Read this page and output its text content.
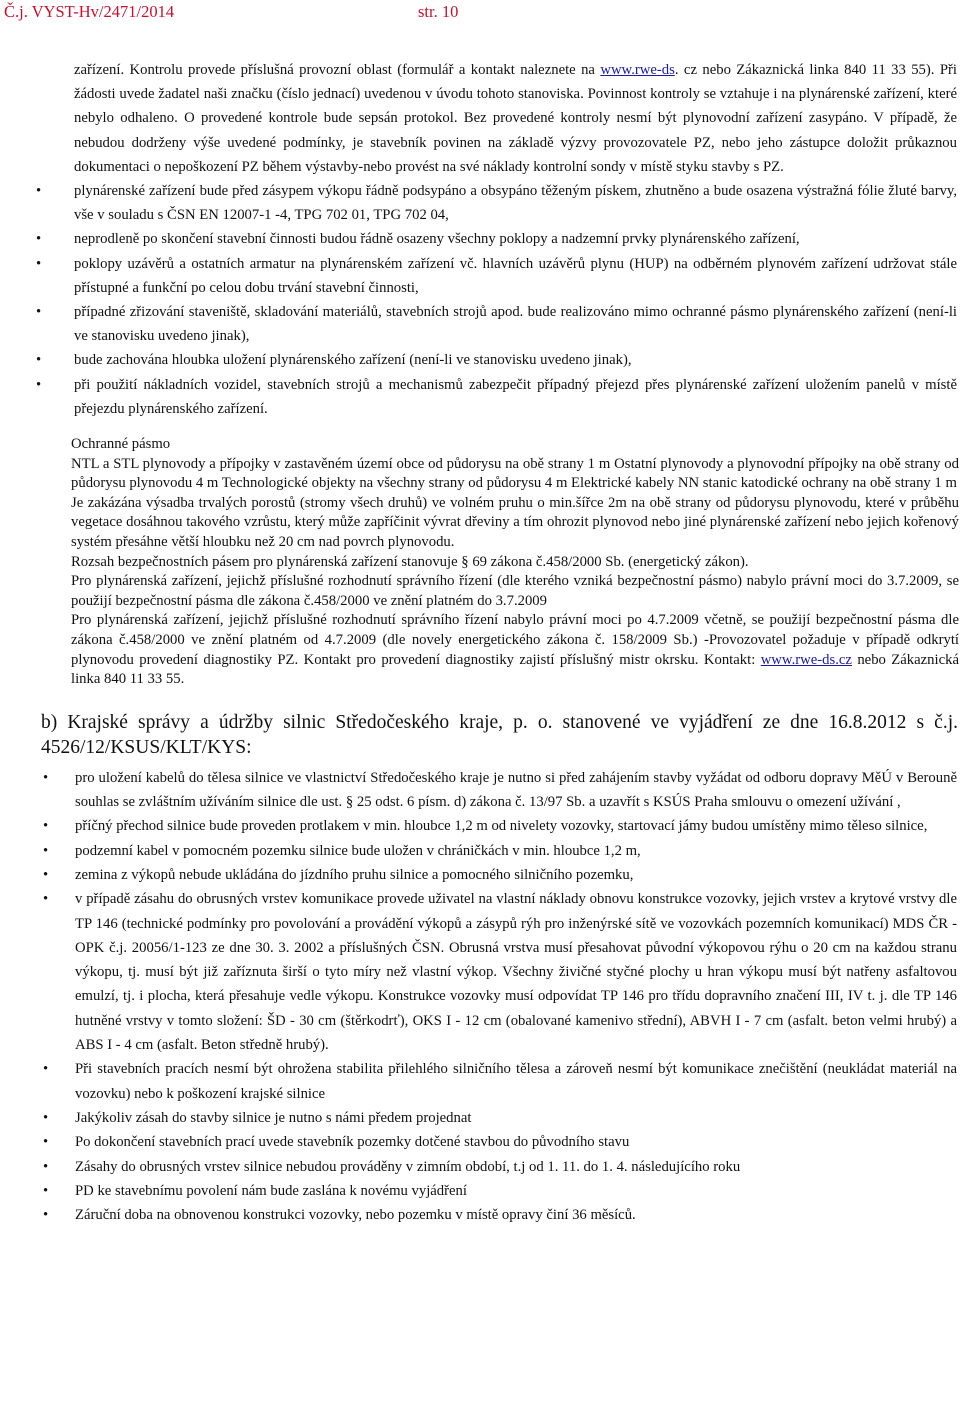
Č.j. VYST-Hv/2471/2014	str. 10

zařízení. Kontrolu provede příslušná provozní oblast (formulář a kontakt naleznete na www.rwe-ds. cz nebo Zákaznická linka 840 11 33 55). Při žádosti uvede žadatel naši značku (číslo jednací) uvedenou v úvodu tohoto stanoviska. Povinnost kontroly se vztahuje i na plynárenské zařízení, které nebylo odhaleno. O provedené kontrole bude sepsán protokol. Bez provedené kontroly nesmí být plynovodní zařízení zasypáno. V případě, že nebudou dodrženy výše uvedené podmínky, je stavebník povinen na základě výzvy provozovatele PZ, nebo jeho zástupce doložit průkaznou dokumentaci o nepoškození PZ během výstavby-nebo provést na své náklady kontrolní sondy v místě styku stavby s PZ.

• plynárenské zařízení bude před zásypem výkopu řádně podsypáno a obsypáno těženým pískem, zhutněno a bude osazena výstražná fólie žluté barvy, vše v souladu s ČSN EN 12007-1 -4, TPG 702 01, TPG 702 04,
• neprodleně po skončení stavební činnosti budou řádně osazeny všechny poklopy a nadzemní prvky plynárenského zařízení,
• poklopy uzávěrů a ostatních armatur na plynárenském zařízení vč. hlavních uzávěrů plynu (HUP) na odběrném plynovém zařízení udržovat stále přístupné a funkční po celou dobu trvání stavební činnosti,
• případné zřizování staveniště, skladování materiálů, stavebních strojů apod. bude realizováno mimo ochranné pásmo plynárenského zařízení (není-li ve stanovisku uvedeno jinak),
• bude zachována hloubka uložení plynárenského zařízení (není-li ve stanovisku uvedeno jinak),
• při použití nákladních vozidel, stavebních strojů a mechanismů zabezpečit případný přejezd přes plynárenské zařízení uložením panelů v místě přejezdu plynárenského zařízení.
Ochranné pásmo
NTL a STL plynovody a přípojky v zastavěném území obce od půdorysu na obě strany 1 m Ostatní plynovody a plynovodní přípojky na obě strany od půdorysu plynovodu 4 m Technologické objekty na všechny strany od půdorysu 4 m Elektrické kabely NN stanic katodické ochrany na obě strany 1 m
Je zakázána výsadba trvalých porostů (stromy všech druhů) ve volném pruhu o min.šířce 2m na obě strany od půdorysu plynovodu, které v průběhu vegetace dosáhnou takového vzrůstu, který může zapříčinit vývrat dřeviny a tím ohrozit plynovod nebo jiné plynárenské zařízení nebo jejich kořenový systém přesáhne větší hloubku než 20 cm nad povrch plynovodu.
Rozsah bezpečnostních pásem pro plynárenská zařízení stanovuje § 69 zákona č.458/2000 Sb. (energetický zákon).
Pro plynárenská zařízení, jejichž příslušné rozhodnutí správního řízení (dle kterého vzniká bezpečnostní pásmo) nabylo právní moci do 3.7.2009, se použijí bezpečnostní pásma dle zákona č.458/2000 ve znění platném do 3.7.2009
Pro plynárenská zařízení, jejichž příslušné rozhodnutí správního řízení nabylo právní moci po 4.7.2009 včetně, se použijí bezpečnostní pásma dle zákona č.458/2000 ve znění platném od 4.7.2009 (dle novely energetického zákona č. 158/2009 Sb.) -Provozovatel požaduje v případě odkrytí plynovodu provedení diagnostiky PZ. Kontakt pro provedení diagnostiky zajistí příslušný mistr okrsku. Kontakt: www.rwe-ds.cz nebo Zákaznická linka 840 11 33 55.

b) Krajské správy a údržby silnic Středočeského kraje, p. o. stanovené ve vyjádření ze dne 16.8.2012 s č.j. 4526/12/KSUS/KLT/KYS:

• pro uložení kabelů do tělesa silnice ve vlastnictví Středočeského kraje je nutno si před zahájením stavby vyžádat od odboru dopravy MěÚ v Berouně souhlas se zvláštním užíváním silnice dle ust. § 25 odst. 6 písm. d) zákona č. 13/97 Sb. a uzavřít s KSÚS Praha smlouvu o omezení užívání ,
• příčný přechod silnice bude proveden protlakem v min. hloubce 1,2 m od nivelety vozovky, startovací jámy budou umístěny mimo těleso silnice,
• podzemní kabel v pomocném pozemku silnice bude uložen v chráničkách v min. hloubce 1,2 m,
• zemina z výkopů nebude ukládána do jízdního pruhu silnice a pomocného silničního pozemku,
• v případě zásahu do obrusných vrstev komunikace provede uživatel na vlastní náklady obnovu konstrukce vozovky, jejich vrstev a krytové vrstvy dle TP 146 (technické podmínky pro povolování a provádění výkopů a zásypů rýh pro inženýrské sítě ve vozovkách pozemních komunikací) MDS ČR - OPK č.j. 20056/1-123 ze dne 30. 3. 2002 a příslušných ČSN. Obrusná vrstva musí přesahovat původní výkopovou rýhu o 20 cm na každou stranu výkopu, tj. musí být již zaříznuta širší o tyto míry než vlastní výkop. Všechny živičné styčné plochy u hran výkopu musí být natřeny asfaltovou emulzí, tj. i plocha, která přesahuje vedle výkopu. Konstrukce vozovky musí odpovídat TP 146 pro třídu dopravního značení III, IV t. j. dle TP 146 hutněné vrstvy v tomto složení: ŠD - 30 cm (štěrkodrť), OKS I - 12 cm (obalované kamenivo střední), ABVH I - 7 cm (asfalt. beton velmi hrubý) a ABS I - 4 cm (asfalt. Beton středně hrubý).
• Při stavebních pracích nesmí být ohrožena stabilita přilehlého silničního tělesa a zároveň nesmí být komunikace znečištění (neukládat materiál na vozovku) nebo k poškození krajské silnice
• Jakýkoliv zásah do stavby silnice je nutno s námi předem projednat
• Po dokončení stavebních prací uvede stavebník pozemky dotčené stavbou do původního stavu
• Zásahy do obrusných vrstev silnice nebudou prováděny v zimním období, t.j od 1. 11. do 1. 4. následujícího roku
• PD ke stavebnímu povolení nám bude zaslána k novému vyjádření
• Záruční doba na obnovenou konstrukci vozovky, nebo pozemku v místě opravy činí 36 měsíců.
